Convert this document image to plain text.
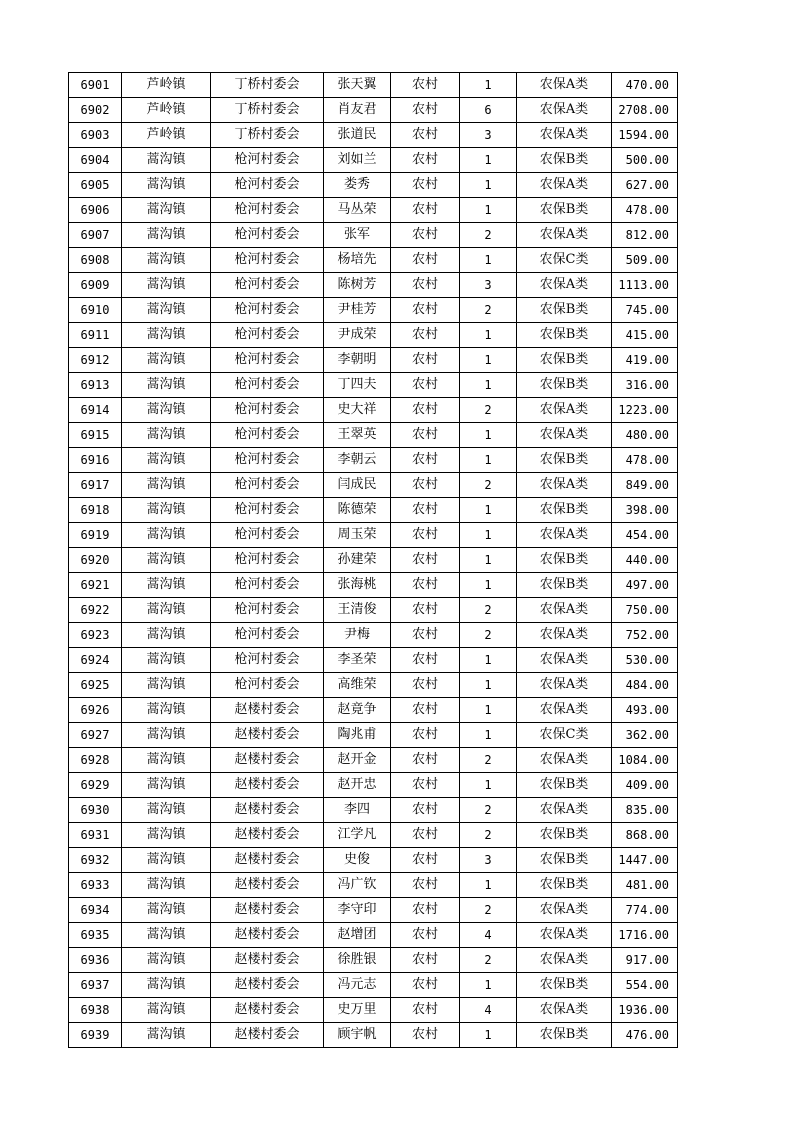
6901	芦岭镇	丁桥村委会	张天翼	农村	1	农保A类	470.00
6902	芦岭镇	丁桥村委会	肖友君	农村	6	农保A类	2708.00
6903	芦岭镇	丁桥村委会	张道民	农村	3	农保A类	1594.00
6904	蒿沟镇	枪河村委会	刘如兰	农村	1	农保B类	500.00
6905	蒿沟镇	枪河村委会	娄秀	农村	1	农保A类	627.00
6906	蒿沟镇	枪河村委会	马丛荣	农村	1	农保B类	478.00
6907	蒿沟镇	枪河村委会	张军	农村	2	农保A类	812.00
6908	蒿沟镇	枪河村委会	杨培先	农村	1	农保C类	509.00
6909	蒿沟镇	枪河村委会	陈树芳	农村	3	农保A类	1113.00
6910	蒿沟镇	枪河村委会	尹桂芳	农村	2	农保B类	745.00
6911	蒿沟镇	枪河村委会	尹成荣	农村	1	农保B类	415.00
6912	蒿沟镇	枪河村委会	李朝明	农村	1	农保B类	419.00
6913	蒿沟镇	枪河村委会	丁四夫	农村	1	农保B类	316.00
6914	蒿沟镇	枪河村委会	史大祥	农村	2	农保A类	1223.00
6915	蒿沟镇	枪河村委会	王翠英	农村	1	农保A类	480.00
6916	蒿沟镇	枪河村委会	李朝云	农村	1	农保B类	478.00
6917	蒿沟镇	枪河村委会	闫成民	农村	2	农保A类	849.00
6918	蒿沟镇	枪河村委会	陈德荣	农村	1	农保B类	398.00
6919	蒿沟镇	枪河村委会	周玉荣	农村	1	农保A类	454.00
6920	蒿沟镇	枪河村委会	孙建荣	农村	1	农保B类	440.00
6921	蒿沟镇	枪河村委会	张海桃	农村	1	农保B类	497.00
6922	蒿沟镇	枪河村委会	王清俊	农村	2	农保A类	750.00
6923	蒿沟镇	枪河村委会	尹梅	农村	2	农保A类	752.00
6924	蒿沟镇	枪河村委会	李圣荣	农村	1	农保A类	530.00
6925	蒿沟镇	枪河村委会	高维荣	农村	1	农保A类	484.00
6926	蒿沟镇	赵楼村委会	赵竟争	农村	1	农保A类	493.00
6927	蒿沟镇	赵楼村委会	陶兆甫	农村	1	农保C类	362.00
6928	蒿沟镇	赵楼村委会	赵开金	农村	2	农保A类	1084.00
6929	蒿沟镇	赵楼村委会	赵开忠	农村	1	农保B类	409.00
6930	蒿沟镇	赵楼村委会	李四	农村	2	农保A类	835.00
6931	蒿沟镇	赵楼村委会	江学凡	农村	2	农保B类	868.00
6932	蒿沟镇	赵楼村委会	史俊	农村	3	农保B类	1447.00
6933	蒿沟镇	赵楼村委会	冯广钦	农村	1	农保B类	481.00
6934	蒿沟镇	赵楼村委会	李守印	农村	2	农保A类	774.00
6935	蒿沟镇	赵楼村委会	赵增团	农村	4	农保A类	1716.00
6936	蒿沟镇	赵楼村委会	徐胜银	农村	2	农保A类	917.00
6937	蒿沟镇	赵楼村委会	冯元志	农村	1	农保B类	554.00
6938	蒿沟镇	赵楼村委会	史万里	农村	4	农保A类	1936.00
6939	蒿沟镇	赵楼村委会	顾宇帆	农村	1	农保B类	476.00
